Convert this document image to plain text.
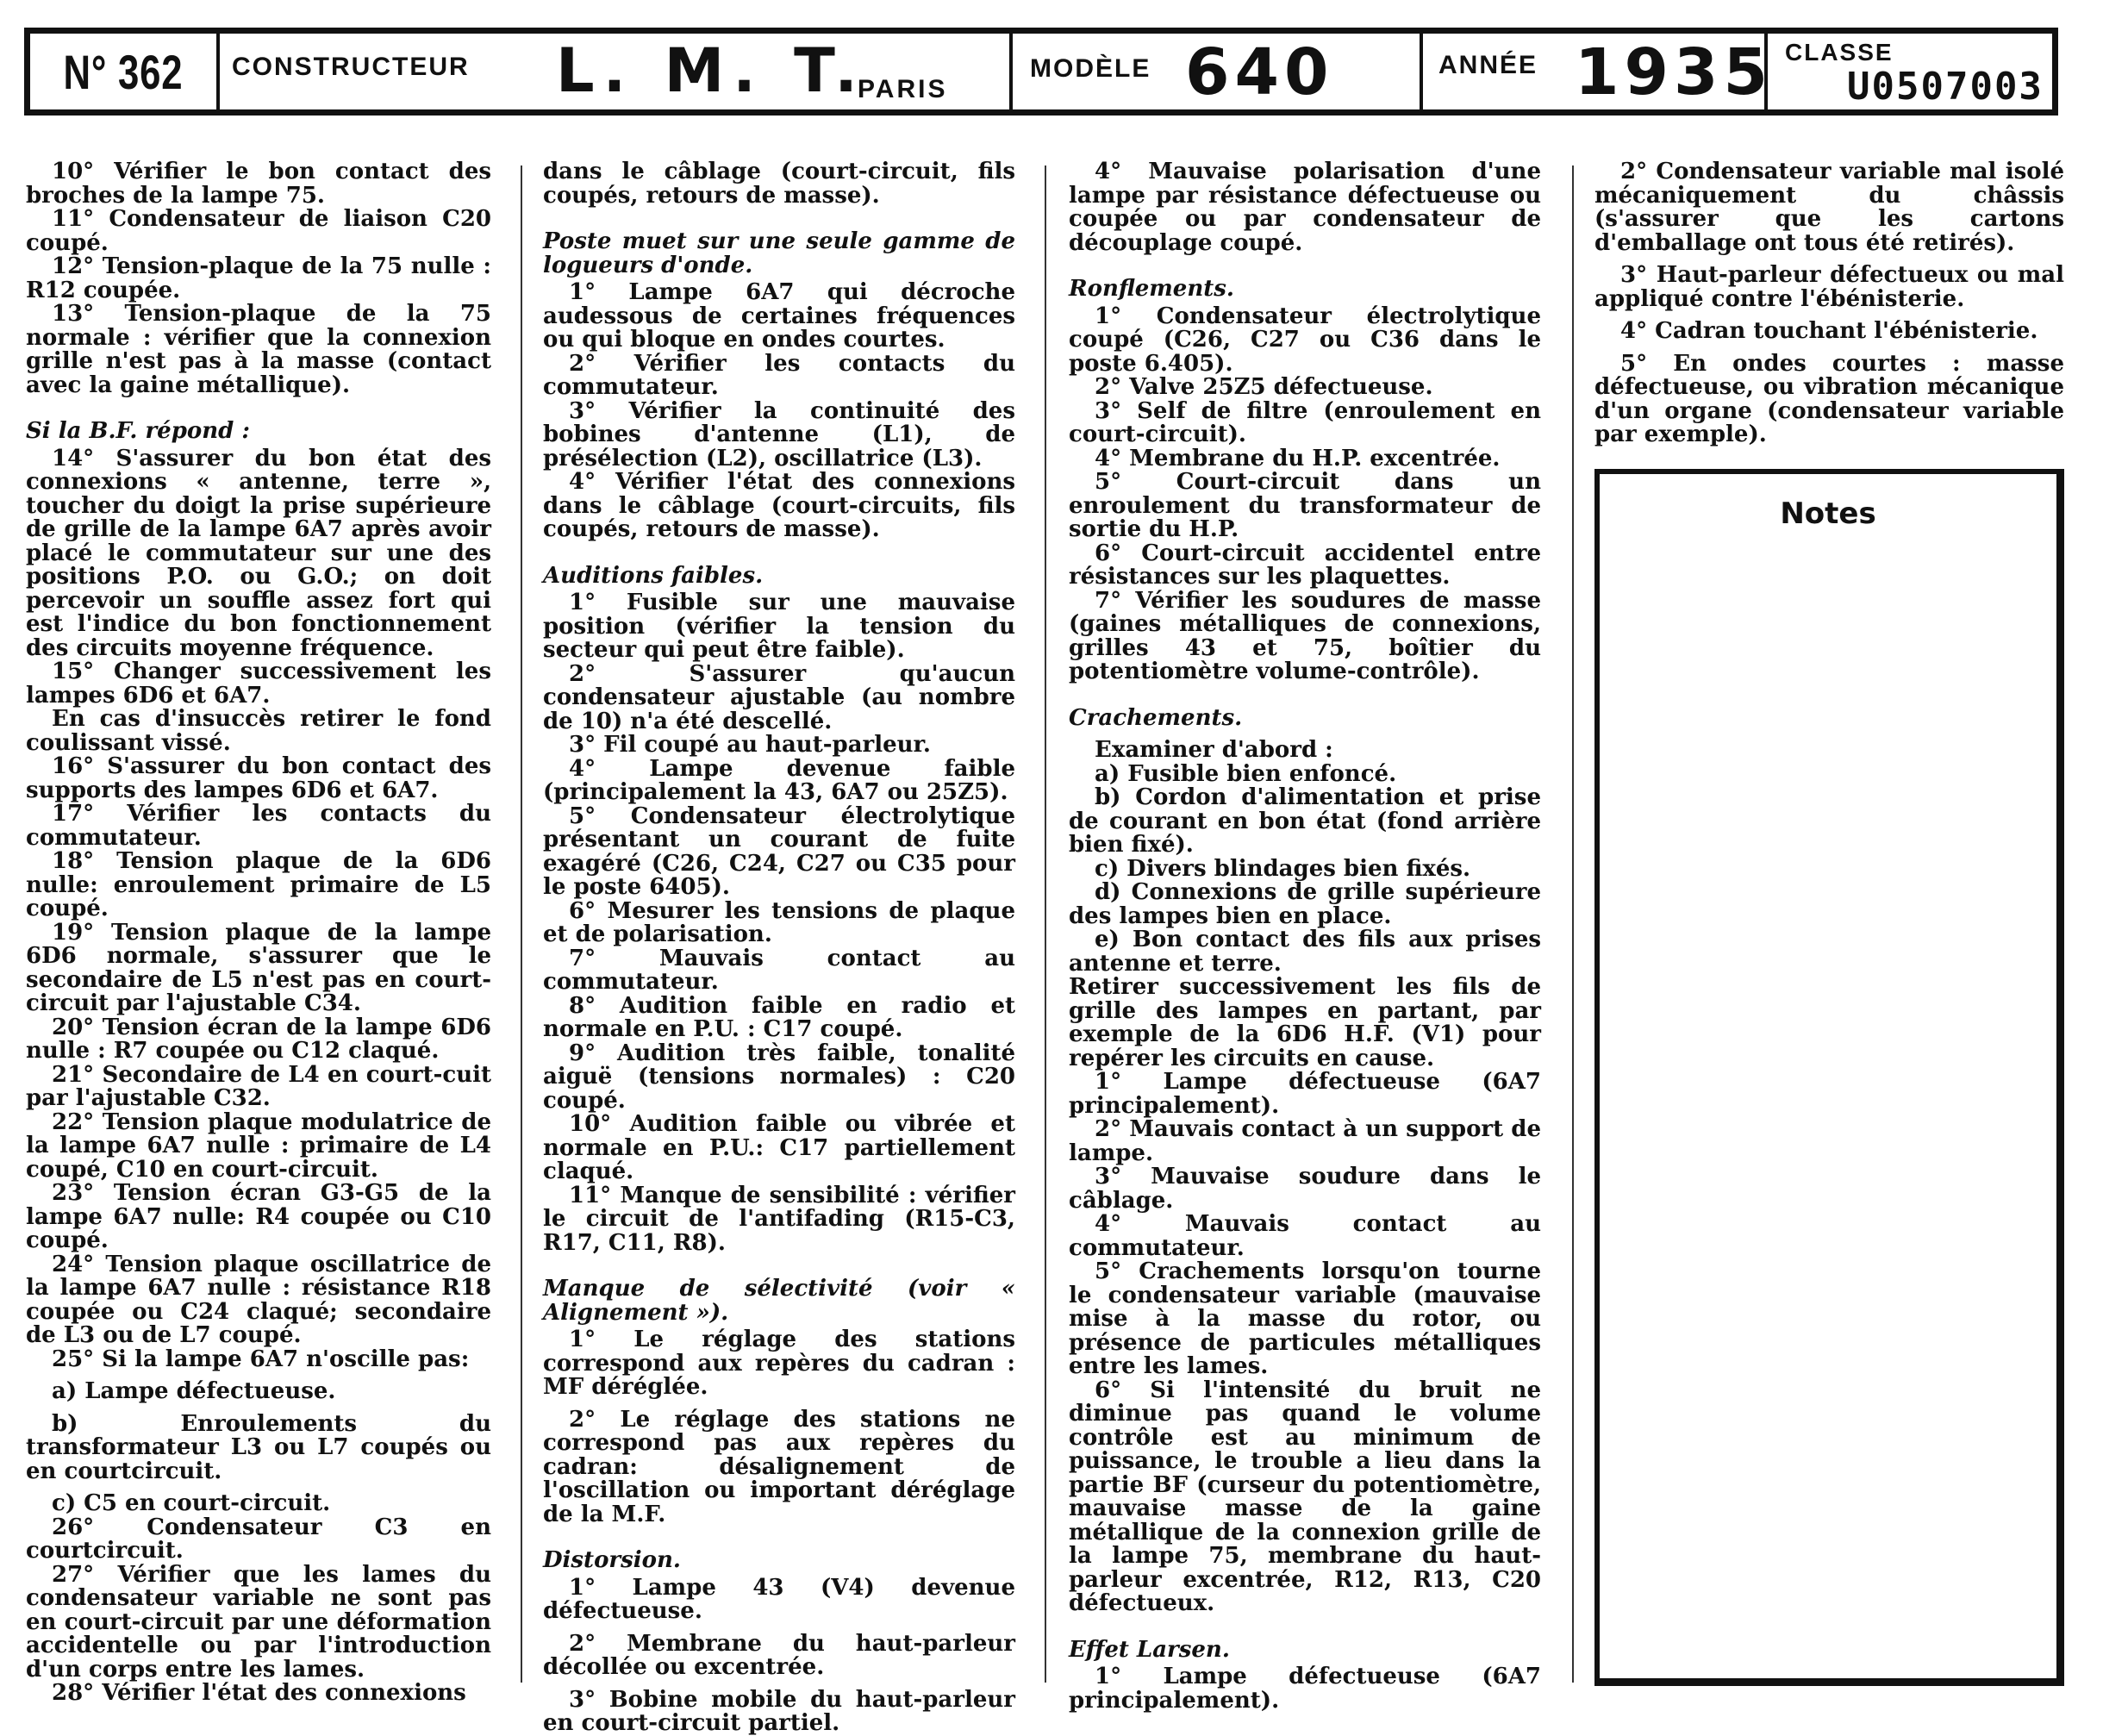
N° 362 CONSTRUCTEUR L. M. T.
PARIS
MODÈLE 640	ANNÉE 1935 CLASSE
U0507003

10° Vérifier le bon contact des broches de la lampe 75.

11° Condensateur de liaison C20 coupé.

12° Tension-plaque de la 75 nulle : R12 coupée.

13° Tension-plaque de la 75 normale : vérifier que la connexion grille n'est pas à la masse (contact avec la gaine métallique).

Si la B.F. répond :

14° S'assurer du bon état des connexions « antenne, terre », toucher du doigt la prise supérieure de grille de la lampe 6A7 après avoir placé le commutateur sur une des positions P.O. ou G.O.; on doit percevoir un souffle assez fort qui est l'indice du bon fonctionnement des circuits moyenne fréquence.

15° Changer successivement les lampes 6D6 et 6A7.

En cas d'insuccès retirer le fond coulissant vissé.

16° S'assurer du bon contact des supports des lampes 6D6 et 6A7.

17° Vérifier les contacts du commutateur.

18° Tension plaque de la 6D6 nulle: enroulement primaire de L5 coupé.

19° Tension plaque de la lampe 6D6 normale, s'assurer que le secondaire de L5 n'est pas en court-circuit par l'ajustable C34.

20° Tension écran de la lampe 6D6 nulle : R7 coupée ou C12 claqué.

21° Secondaire de L4 en court-cuit par l'ajustable C32.

22° Tension plaque modulatrice de la lampe 6A7 nulle : primaire de L4 coupé, C10 en court-circuit.

23° Tension écran G3-G5 de la lampe 6A7 nulle: R4 coupée ou C10 coupé.

24° Tension plaque oscillatrice de la lampe 6A7 nulle : résistance R18 coupée ou C24 claqué; secondaire de L3 ou de L7 coupé.

25° Si la lampe 6A7 n'oscille pas:

a) Lampe défectueuse.

b) Enroulements du transformateur L3 ou L7 coupés ou en courtcircuit.

c) C5 en court-circuit.

26° Condensateur C3 en courtcircuit.

27° Vérifier que les lames du condensateur variable ne sont pas en court-circuit par une déformation accidentelle ou par l'introduction d'un corps entre les lames.

28° Vérifier l'état des connexions

dans le câblage (court-circuit, fils coupés, retours de masse).

Poste muet sur une seule gamme de logueurs d'onde.

1° Lampe 6A7 qui décroche audessous de certaines fréquences ou qui bloque en ondes courtes.

2° Vérifier les contacts du commutateur.

3° Vérifier la continuité des bobines d'antenne (L1), de présélection (L2), oscillatrice (L3).

4° Vérifier l'état des connexions dans le câblage (court-circuits, fils coupés, retours de masse).

Auditions faibles.

1° Fusible sur une mauvaise position (vérifier la tension du secteur qui peut être faible).

2° S'assurer qu'aucun condensateur ajustable (au nombre de 10) n'a été descellé.

3° Fil coupé au haut-parleur.

4° Lampe devenue faible (principalement la 43, 6A7 ou 25Z5).

5° Condensateur électrolytique présentant un courant de fuite exagéré (C26, C24, C27 ou C35 pour le poste 6405).

6° Mesurer les tensions de plaque et de polarisation.

7° Mauvais contact au commutateur.

8° Audition faible en radio et normale en P.U. : C17 coupé.

9° Audition très faible, tonalité aiguë (tensions normales) : C20 coupé.

10° Audition faible ou vibrée et normale en P.U.: C17 partiellement claqué.

11° Manque de sensibilité : vérifier le circuit de l'antifading (R15-C3, R17, C11, R8).

Manque de sélectivité (voir « Alignement »).

1° Le réglage des stations correspond aux repères du cadran : MF déréglée.

2° Le réglage des stations ne correspond pas aux repères du cadran: désalignement de l'oscillation ou important déréglage de la M.F.

Distorsion.

1° Lampe 43 (V4) devenue défectueuse.

2° Membrane du haut-parleur décollée ou excentrée.

3° Bobine mobile du haut-parleur en court-circuit partiel.

4° Mauvaise polarisation d'une lampe par résistance défectueuse ou coupée ou par condensateur de découplage coupé.

Ronflements.

1° Condensateur électrolytique coupé (C26, C27 ou C36 dans le poste 6.405).

2° Valve 25Z5 défectueuse.

3° Self de filtre (enroulement en court-circuit).

4° Membrane du H.P. excentrée.

5° Court-circuit dans un enroulement du transformateur de sortie du H.P.

6° Court-circuit accidentel entre résistances sur les plaquettes.

7° Vérifier les soudures de masse (gaines métalliques de connexions, grilles 43 et 75, boîtier du potentiomètre volume-contrôle).

Crachements.

Examiner d'abord :

a) Fusible bien enfoncé.

b) Cordon d'alimentation et prise de courant en bon état (fond arrière bien fixé).

c) Divers blindages bien fixés.

d) Connexions de grille supérieure des lampes bien en place.

e) Bon contact des fils aux prises antenne et terre.

Retirer successivement les fils de grille des lampes en partant, par exemple de la 6D6 H.F. (V1) pour repérer les circuits en cause.

1° Lampe défectueuse (6A7 principalement).

2° Mauvais contact à un support de lampe.

3° Mauvaise soudure dans le câblage.

4° Mauvais contact au commutateur.

5° Crachements lorsqu'on tourne le condensateur variable (mauvaise mise à la masse du rotor, ou présence de particules métalliques entre les lames.

6° Si l'intensité du bruit ne diminue pas quand le volume contrôle est au minimum de puissance, le trouble a lieu dans la partie BF (curseur du potentiomètre, mauvaise masse de la gaine métallique de la connexion grille de la lampe 75, membrane du haut-parleur excentrée, R12, R13, C20 défectueux.

Effet Larsen.

1° Lampe défectueuse (6A7 principalement).

2° Condensateur variable mal isolé mécaniquement du châssis (s'assurer que les cartons d'emballage ont tous été retirés).

3° Haut-parleur défectueux ou mal appliqué contre l'ébénisterie.

4° Cadran touchant l'ébénisterie.

5° En ondes courtes : masse défectueuse, ou vibration mécanique d'un organe (condensateur variable par exemple).

Notes
